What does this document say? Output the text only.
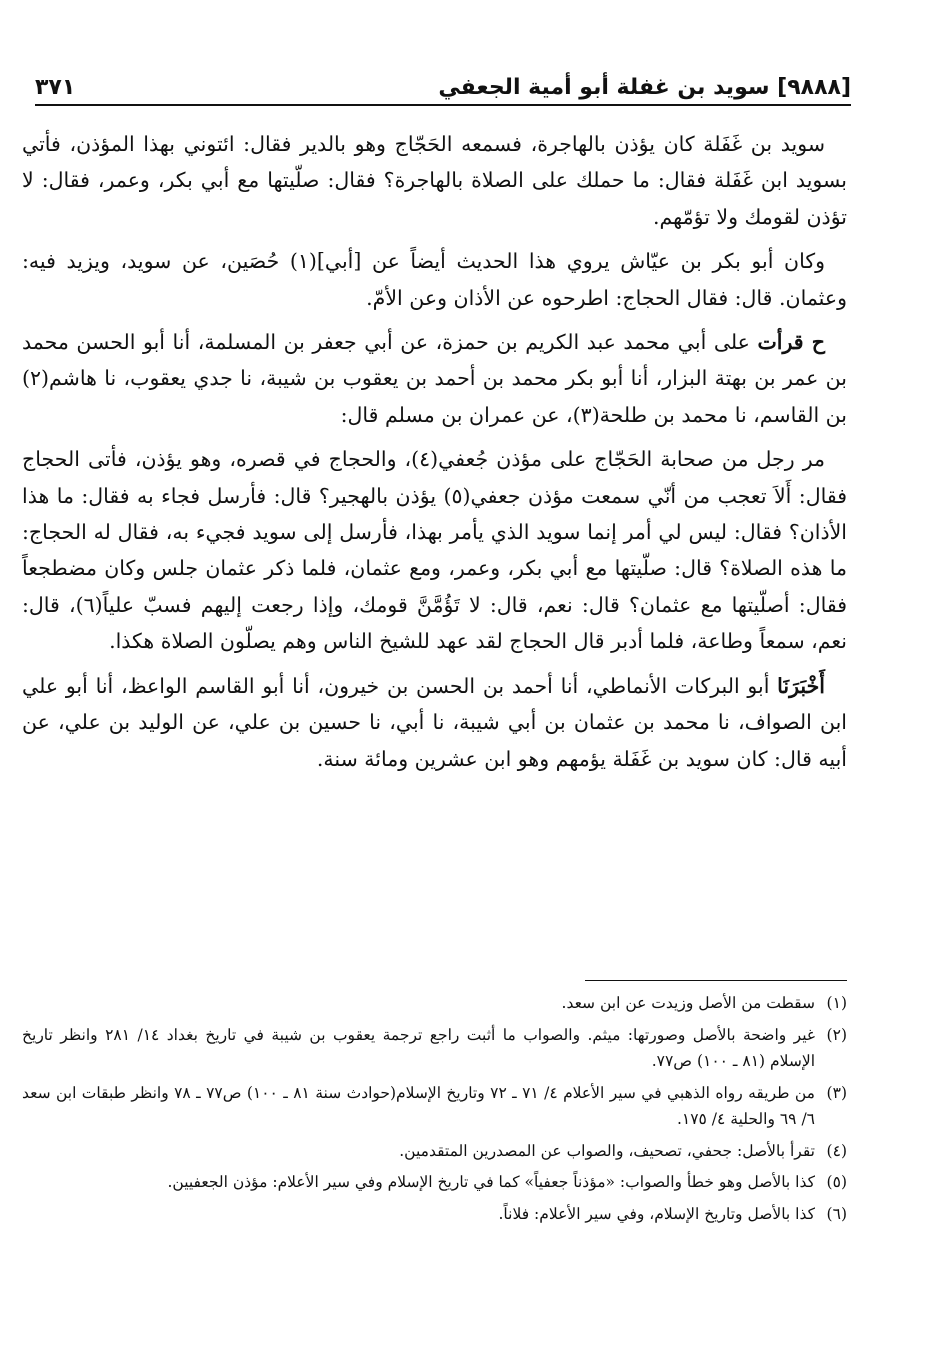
[٩٨٨٨] سويد بن غفلة أبو أمية الجعفي
٣٧١

سويد بن غَفَلة كان يؤذن بالهاجرة، فسمعه الحَجّاج وهو بالدير فقال: ائتوني بهذا المؤذن، فأتي بسويد ابن غَفَلة فقال: ما حملك على الصلاة بالهاجرة؟ فقال: صلّيتها مع أبي بكر، وعمر، فقال: لا تؤذن لقومك ولا تؤمّهم.

وكان أبو بكر بن عيّاش يروي هذا الحديث أيضاً عن [أبي](١) حُصَين، عن سويد، ويزيد فيه: وعثمان. قال: فقال الحجاج: اطرحوه عن الأذان وعن الأمّ.

ح قرأت على أبي محمد عبد الكريم بن حمزة، عن أبي جعفر بن المسلمة، أنا أبو الحسن محمد بن عمر بن بهتة البزار، أنا أبو بكر محمد بن أحمد بن يعقوب بن شيبة، نا جدي يعقوب، نا هاشم(٢) بن القاسم، نا محمد بن طلحة(٣)، عن عمران بن مسلم قال:

مر رجل من صحابة الحَجّاج على مؤذن جُعفي(٤)، والحجاج في قصره، وهو يؤذن، فأتى الحجاج فقال: أَلاَ تعجب من أنّي سمعت مؤذن جعفي(٥) يؤذن بالهجير؟ قال: فأرسل فجاء به فقال: ما هذا الأذان؟ فقال: ليس لي أمر إنما سويد الذي يأمر بهذا، فأرسل إلى سويد فجيء به، فقال له الحجاج: ما هذه الصلاة؟ قال: صلّيتها مع أبي بكر، وعمر، ومع عثمان، فلما ذكر عثمان جلس وكان مضطجعاً فقال: أصلّيتها مع عثمان؟ قال: نعم، قال: لا تَؤُمَّنَّ قومك، وإذا رجعت إليهم فسبّ علياً(٦)، قال: نعم، سمعاً وطاعة، فلما أدبر قال الحجاج لقد عهد للشيخ الناس وهم يصلّون الصلاة هكذا.

أَخْبَرَنَا أبو البركات الأنماطي، أنا أحمد بن الحسن بن خيرون، أنا أبو القاسم الواعظ، أنا أبو علي ابن الصواف، نا محمد بن عثمان بن أبي شيبة، نا أبي، نا حسين بن علي، عن الوليد بن علي، عن أبيه قال: كان سويد بن غَفَلة يؤمهم وهو ابن عشرين ومائة سنة.

(١)
سقطت من الأصل وزيدت عن ابن سعد.
(٢)
غير واضحة بالأصل وصورتها: ميثم. والصواب ما أثبت راجع ترجمة يعقوب بن شيبة في تاريخ بغداد ١٤/ ٢٨١ وانظر تاريخ الإسلام (٨١ ـ ١٠٠) ص٧٧.
(٣)
من طريقه رواه الذهبي في سير الأعلام ٤/ ٧١ ـ ٧٢ وتاريخ الإسلام(حوادث سنة ٨١ ـ ١٠٠) ص٧٧ ـ ٧٨ وانظر طبقات ابن سعد ٦/ ٦٩ والحلية ٤/ ١٧٥.
(٤)
تقرأ بالأصل: جحفي، تصحيف، والصواب عن المصدرين المتقدمين.
(٥)
كذا بالأصل وهو خطأ والصواب: «مؤذناً جعفياً» كما في تاريخ الإسلام وفي سير الأعلام: مؤذن الجعفيين.
(٦)
كذا بالأصل وتاريخ الإسلام، وفي سير الأعلام: فلاناً.
